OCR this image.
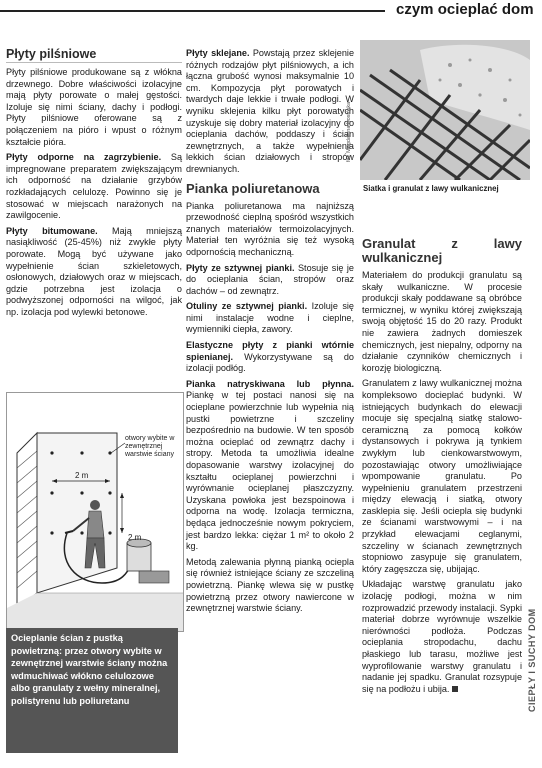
czym ocieplać dom
Płyty pilśniowe

Płyty pilśniowe produkowane są z włókna drzewnego. Dobre właściwości izolacyjne mają płyty porowate o małej gęstości. Izoluje się nimi ściany, dachy i podłogi. Płyty pilśniowe oferowane są z połączeniem na pióro i wpust o różnym kształcie pióra.

Płyty odporne na zagrzybienie. Są impregnowane preparatem zwiększającym ich odporność na działanie grzybów rozkładających celulozę. Powinno się je stosować w miejscach narażonych na zawilgocenie.

Płyty bitumowane. Mają mniejszą nasiąkliwość (25-45%) niż zwykłe płyty porowate. Mogą być używane jako wypełnienie ścian szkieletowych, osłonowych, działowych oraz w miejscach, gdzie potrzebna jest izolacja o podwyższonej odporności na wilgoć, jak np. izolacja pod wylewki betonowe.

otwory wybite w zewnętrznej warstwie ściany
2 m
2 m
Ocieplanie ścian z pustką powietrzną: przez otwory wybite w zewnętrznej warstwie ściany można wdmuchiwać włókno celulozowe albo granulaty z wełny mineralnej, polistyrenu lub poliuretanu

Płyty sklejane. Powstają przez sklejenie różnych rodzajów płyt pilśniowych, a ich łączna grubość wynosi maksymalnie 10 cm. Kompozycja płyt porowatych i twardych daje lekkie i trwałe podłogi. W wyniku sklejenia kilku płyt porowatych uzyskuje się dobry materiał izolacyjny do ocieplania dachów, poddaszy i ścian zewnętrznych, a także wypełnienia lekkich ścian działowych i stropów drewnianych.

Pianka poliuretanowa

Pianka poliuretanowa ma najniższą przewodność cieplną spośród wszystkich znanych materiałów termoizolacyjnych. Materiał ten wyróżnia się też wysoką odpornością mechaniczną.

Płyty ze sztywnej pianki. Stosuje się je do ocieplania ścian, stropów oraz dachów – od zewnątrz.

Otuliny ze sztywnej pianki. Izoluje się nimi instalacje wodne i cieplne, wymienniki ciepła, zawory.

Elastyczne płyty z pianki wtórnie spienianej. Wykorzystywane są do izolacji podłóg.

Pianka natryskiwana lub płynna. Piankę w tej postaci nanosi się na ocieplane powierzchnie lub wypełnia nią pustki powietrzne i szczeliny bezpośrednio na budowie. W ten sposób można ocieplać od zewnątrz dachy i stropy. Metoda ta umożliwia idealne dopasowanie warstwy izolacyjnej do kształtu ocieplanej powierzchni i wyrównanie ocieplanej płaszczyzny. Uzyskana powłoka jest bezspoinowa i odporna na wodę. Izolacja termiczna, będąca jednocześnie nowym pokryciem, jest bardzo lekka: ciężar 1 m² to około 2 kg.

Metodą zalewania płynną pianką ociepla się również istniejące ściany ze szczeliną powietrzną. Piankę wlewa się w pustkę powietrzną przez otwory nawiercone w zewnętrznej warstwie ściany.

fot. Magdalena Kosińska
Siatka i granulat z lawy wulkanicznej
Granulat z lawy wulkanicznej

Materiałem do produkcji granulatu są skały wulkaniczne. W procesie produkcji skały poddawane są obróbce termicznej, w wyniku której zwiększają swoją objętość 15 do 20 razy. Produkt nie zawiera żadnych domieszek chemicznych, jest niepalny, odporny na działanie czynników chemicznych i korozję biologiczną.

Granulatem z lawy wulkanicznej można kompleksowo docieplać budynki. W istniejących budynkach do elewacji mocuje się specjalną siatkę stalowo-ceramiczną za pomocą kołków dystansowych i pokrywa ją tynkiem zwykłym lub cienkowarstwowym, pozostawiając otwory umożliwiające wpompowanie granulatu. Po wypełnieniu granulatem przestrzeni między elewacją i siatką, otwory zasklepia się. Jeśli ociepla się budynki ze ścianami warstwowymi – i na przykład elewacjami ceglanymi, szczeliny w ścianach zewnętrznych stopniowo zasypuje się granulatem, który zagęszcza się, ubijając.

Układając warstwę granulatu jako izolację podłogi, można w nim rozprowadzić przewody instalacji. Sypki materiał dobrze wyrównuje wszelkie nierówności podłoża. Podczas ocieplania stropodachu, dachu płaskiego lub tarasu, możliwe jest wyprofilowanie warstwy granulatu i nadanie jej spadku. Granulat rozsypuje się na podłożu i ubija.	CIEPŁY I SUCHY DOM
